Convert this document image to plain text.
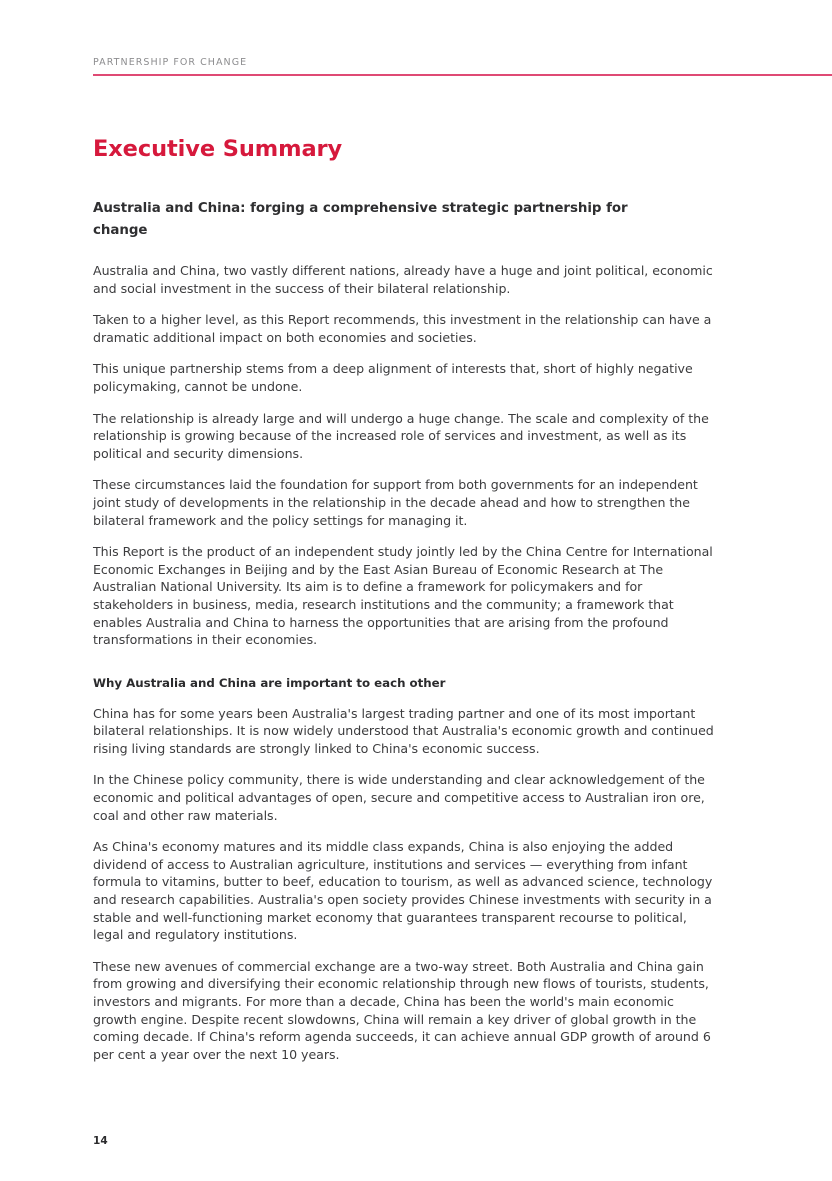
PARTNERSHIP FOR CHANGE
Executive Summary
Australia and China: forging a comprehensive strategic partnership for change

Australia and China, two vastly different nations, already have a huge and joint political, economic and social investment in the success of their bilateral relationship.

Taken to a higher level, as this Report recommends, this investment in the relationship can have a dramatic additional impact on both economies and societies.

This unique partnership stems from a deep alignment of interests that, short of highly negative policymaking, cannot be undone.

The relationship is already large and will undergo a huge change. The scale and complexity of the relationship is growing because of the increased role of services and investment, as well as its political and security dimensions.

These circumstances laid the foundation for support from both governments for an independent joint study of developments in the relationship in the decade ahead and how to strengthen the bilateral framework and the policy settings for managing it.

This Report is the product of an independent study jointly led by the China Centre for International Economic Exchanges in Beijing and by the East Asian Bureau of Economic Research at The Australian National University. Its aim is to define a framework for policymakers and for stakeholders in business, media, research institutions and the community; a framework that enables Australia and China to harness the opportunities that are arising from the profound transformations in their economies.

Why Australia and China are important to each other

China has for some years been Australia's largest trading partner and one of its most important bilateral relationships. It is now widely understood that Australia's economic growth and continued rising living standards are strongly linked to China's economic success.

In the Chinese policy community, there is wide understanding and clear acknowledgement of the economic and political advantages of open, secure and competitive access to Australian iron ore, coal and other raw materials.

As China's economy matures and its middle class expands, China is also enjoying the added dividend of access to Australian agriculture, institutions and services — everything from infant formula to vitamins, butter to beef, education to tourism, as well as advanced science, technology and research capabilities. Australia's open society provides Chinese investments with security in a stable and well-functioning market economy that guarantees transparent recourse to political, legal and regulatory institutions.

These new avenues of commercial exchange are a two-way street. Both Australia and China gain from growing and diversifying their economic relationship through new flows of tourists, students, investors and migrants. For more than a decade, China has been the world's main economic growth engine. Despite recent slowdowns, China will remain a key driver of global growth in the coming decade. If China's reform agenda succeeds, it can achieve annual GDP growth of around 6 per cent a year over the next 10 years.

14
